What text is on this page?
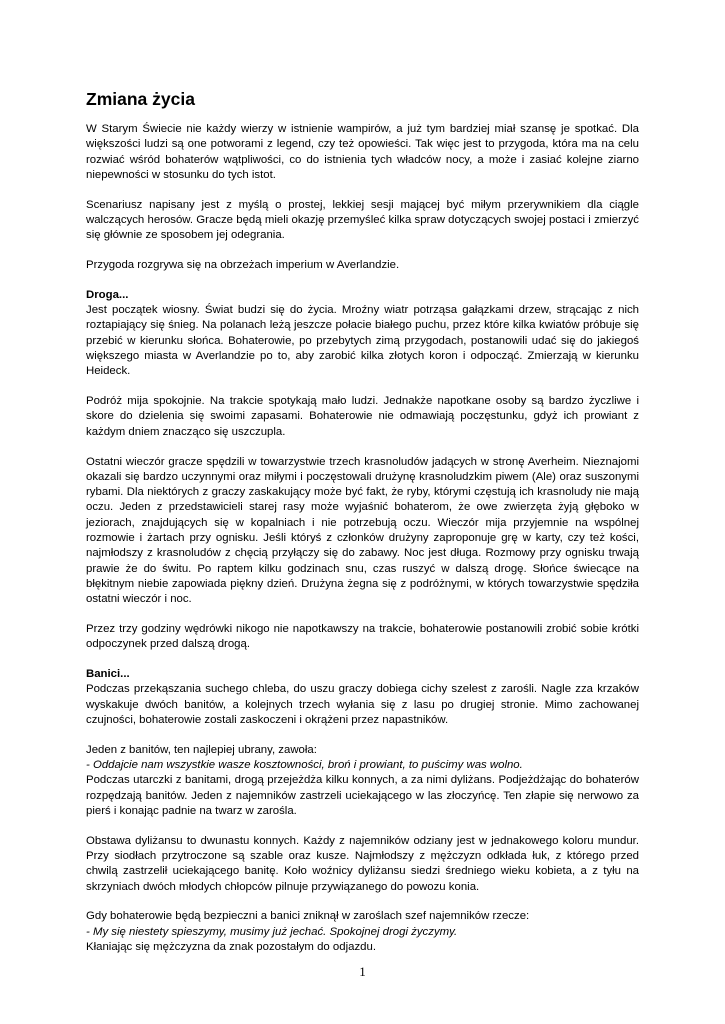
Zmiana życia

W Starym Świecie nie każdy wierzy w istnienie wampirów, a już tym bardziej miał szansę je spotkać. Dla większości ludzi są one potworami z legend, czy też opowieści. Tak więc jest to przygoda, która ma na celu rozwiać wśród bohaterów wątpliwości, co do istnienia tych władców nocy, a może i zasiać kolejne ziarno niepewności w stosunku do tych istot.

Scenariusz napisany jest z myślą o prostej, lekkiej sesji mającej być miłym przerywnikiem dla ciągle walczących herosów. Gracze będą mieli okazję przemyśleć kilka spraw dotyczących swojej postaci i zmierzyć się głównie ze sposobem jej odegrania.

Przygoda rozgrywa się na obrzeżach imperium w Averlandzie.

Droga...
Jest początek wiosny. Świat budzi się do życia. Mroźny wiatr potrząsa gałązkami drzew, strącając z nich roztapiający się śnieg. Na polanach leżą jeszcze połacie białego puchu, przez które kilka kwiatów próbuje się przebić w kierunku słońca. Bohaterowie, po przebytych zimą przygodach, postanowili udać się do jakiegoś większego miasta w Averlandzie po to, aby zarobić kilka złotych koron i odpocząć. Zmierzają w kierunku Heideck.

Podróż mija spokojnie. Na trakcie spotykają mało ludzi. Jednakże napotkane osoby są bardzo życzliwe i skore do dzielenia się swoimi zapasami. Bohaterowie nie odmawiają poczęstunku, gdyż ich prowiant z każdym dniem znacząco się uszczupla.

Ostatni wieczór gracze spędzili w towarzystwie trzech krasnoludów jadących w stronę Averheim. Nieznajomi okazali się bardzo uczynnymi oraz miłymi i poczęstowali drużynę krasnoludzkim piwem (Ale) oraz suszonymi rybami. Dla niektórych z graczy zaskakujący może być fakt, że ryby, którymi częstują ich krasnoludy nie mają oczu. Jeden z przedstawicieli starej rasy może wyjaśnić bohaterom, że owe zwierzęta żyją głęboko w jeziorach, znajdujących się w kopalniach i nie potrzebują oczu. Wieczór mija przyjemnie na wspólnej rozmowie i żartach przy ognisku. Jeśli któryś z członków drużyny zaproponuje grę w karty, czy też kości, najmłodszy z krasnoludów z chęcią przyłączy się do zabawy. Noc jest długa. Rozmowy przy ognisku trwają prawie że do świtu. Po raptem kilku godzinach snu, czas ruszyć w dalszą drogę. Słońce świecące na błękitnym niebie zapowiada piękny dzień. Drużyna żegna się z podróżnymi, w których towarzystwie spędziła ostatni wieczór i noc.

Przez trzy godziny wędrówki nikogo nie napotkawszy na trakcie, bohaterowie postanowili zrobić sobie krótki odpoczynek przed dalszą drogą.

Banici...
Podczas przekąszania suchego chleba, do uszu graczy dobiega cichy szelest z zarośli. Nagle zza krzaków wyskakuje dwóch banitów, a kolejnych trzech wyłania się z lasu po drugiej stronie. Mimo zachowanej czujności, bohaterowie zostali zaskoczeni i okrążeni przez napastników.

Jeden z banitów, ten najlepiej ubrany, zawoła:
- Oddajcie nam wszystkie wasze kosztowności, broń i prowiant, to puścimy was wolno.
Podczas utarczki z banitami, drogą przejeżdża kilku konnych, a za nimi dyliżans. Podjeżdżając do bohaterów rozpędzają banitów. Jeden z najemników zastrzeli uciekającego w las złoczyńcę. Ten złapie się nerwowo za pierś i konając padnie na twarz w zarośla.

Obstawa dyliżansu to dwunastu konnych. Każdy z najemników odziany jest w jednakowego koloru mundur. Przy siodłach przytroczone są szable oraz kusze. Najmłodszy z mężczyzn odkłada łuk, z którego przed chwilą zastrzelił uciekającego banitę. Koło woźnicy dyliżansu siedzi średniego wieku kobieta, a z tyłu na skrzyniach dwóch młodych chłopców pilnuje przywiązanego do powozu konia.

Gdy bohaterowie będą bezpieczni a banici zniknął w zaroślach szef najemników rzecze:
- My się niestety spieszymy, musimy już jechać. Spokojnej drogi życzymy.
Kłaniając się mężczyzna da znak pozostałym do odjazdu.

1
